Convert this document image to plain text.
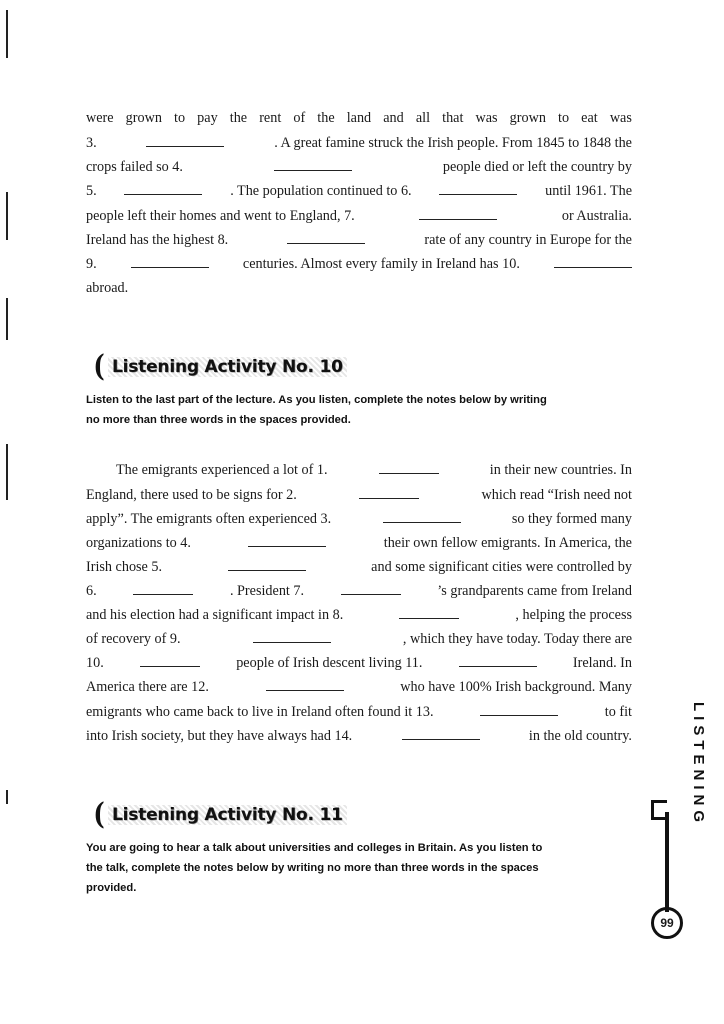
were grown to pay the rent of the land and all that was grown to eat was
3.	. A great famine struck the Irish people. From 1845 to 1848 the
crops failed so 4.	people died or left the country by
5.	. The population continued to 6.	until 1961. The
people left their homes and went to England, 7.	or Australia.
Ireland has the highest 8.	rate of any country in Europe for the
9.	centuries. Almost every family in Ireland has 10.
abroad.
( Listening Activity No. 10
Listen to the last part of the lecture. As you listen, complete the notes below by writing
no more than three words in the spaces provided.
The emigrants experienced a lot of 1.	in their new countries. In
England, there used to be signs for 2.	which read “Irish need not
apply”. The emigrants often experienced 3.	so they formed many
organizations to 4.	their own fellow emigrants. In America, the
Irish chose 5.	and some significant cities were controlled by
6.	. President 7.	’s grandparents came from Ireland
and his election had a significant impact in 8.	, helping the process
of recovery of 9.	, which they have today. Today there are
10.	people of Irish descent living 11.	Ireland. In
America there are 12.	who have 100% Irish background. Many
emigrants who came back to live in Ireland often found it 13.	to fit
into Irish society, but they have always had 14.	in the old country.
( Listening Activity No. 11
You are going to hear a talk about universities and colleges in Britain. As you listen to
the talk, complete the notes below by writing no more than three words in the spaces
provided.
LISTENING
99
